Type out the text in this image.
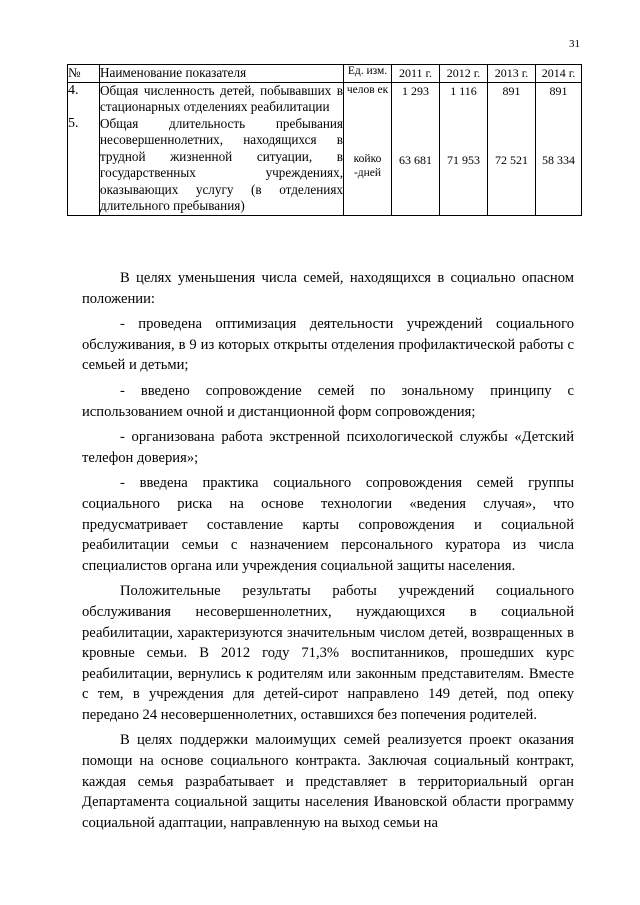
31
№	Наименование показателя	Ед. изм.	2011 г.	2012 г.	2013 г.	2014 г.
4.	Общая численность детей, побывавших в стационарных отделениях реабилитации	челов ек	1 293	1 116	891	891
5.	Общая длительность пребывания несовершеннолетних, находящихся в трудной жизненной ситуации, в государственных учреждениях, оказывающих услугу (в отделениях длительного пребывания)	койко -дней	63 681	71 953	72 521	58 334

В целях уменьшения числа семей, находящихся в социально опасном положении:

- проведена оптимизация деятельности учреждений социального обслуживания, в 9 из которых открыты отделения профилактической работы с семьей и детьми;

- введено сопровождение семей по зональному принципу с использованием очной и дистанционной форм сопровождения;

- организована работа экстренной психологической службы «Детский телефон доверия»;

- введена практика социального сопровождения семей группы социального риска на основе технологии «ведения случая», что предусматривает составление карты сопровождения и социальной реабилитации семьи с назначением персонального куратора из числа специалистов органа или учреждения социальной защиты населения.

Положительные результаты работы учреждений социального обслуживания несовершеннолетних, нуждающихся в социальной реабилитации, характеризуются значительным числом детей, возвращенных в кровные семьи. В 2012 году 71,3% воспитанников, прошедших курс реабилитации, вернулись к родителям или законным представителям. Вместе с тем, в учреждения для детей-сирот направлено 149 детей, под опеку передано 24 несовершеннолетних, оставшихся без попечения родителей.

В целях поддержки малоимущих семей реализуется проект оказания помощи на основе социального контракта. Заключая социальный контракт, каждая семья разрабатывает и представляет в территориальный орган Департамента социальной защиты населения Ивановской области программу социальной адаптации, направленную на выход семьи на
